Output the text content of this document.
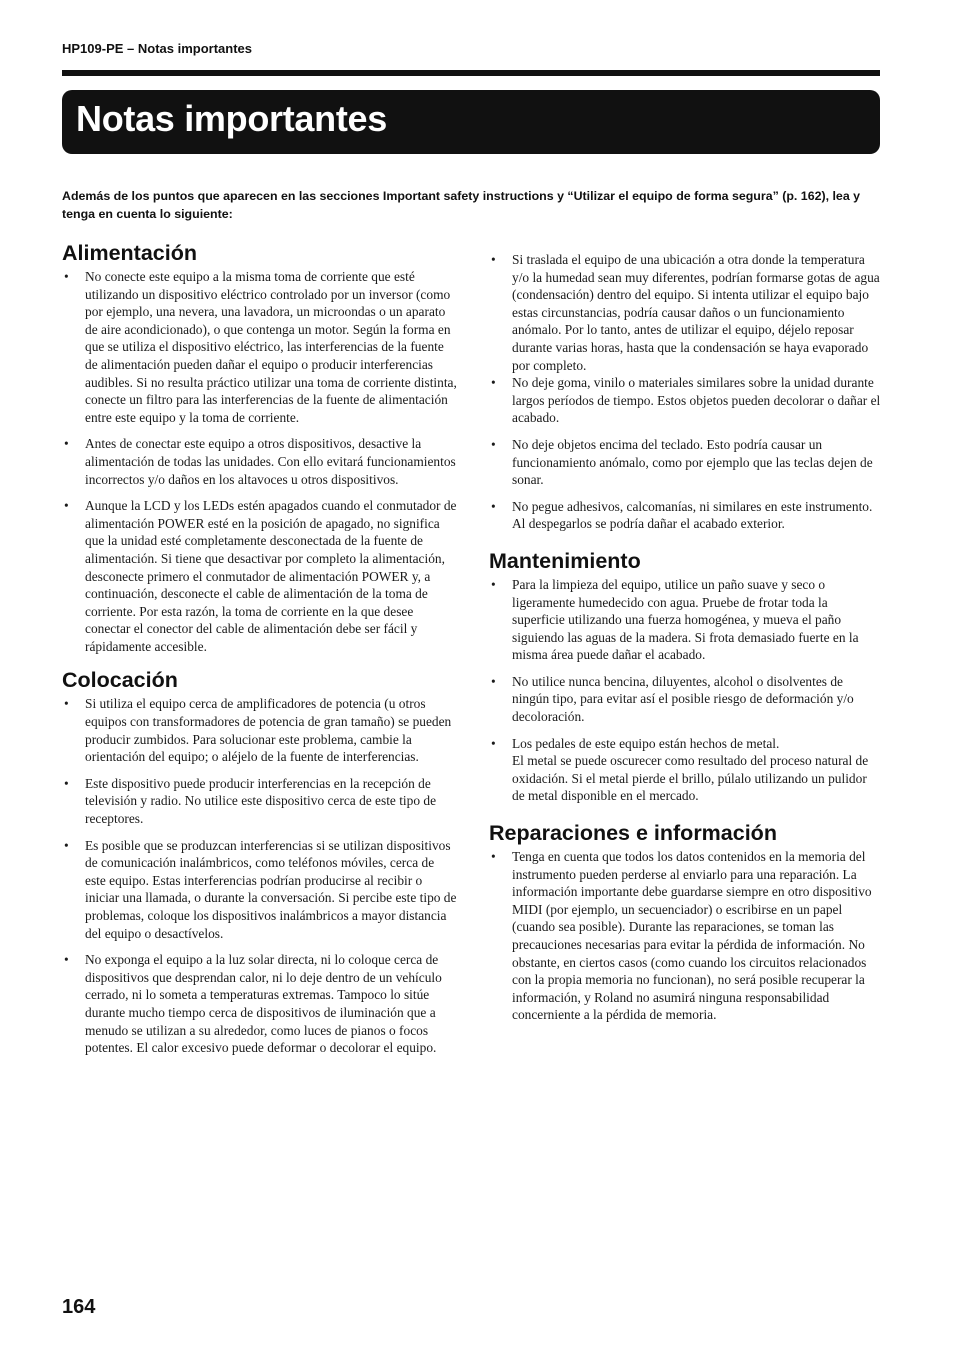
HP109-PE – Notas importantes
Notas importantes

Además de los puntos que aparecen en las secciones Important safety instructions y “Utilizar el equipo de forma segura” (p. 162), lea y tenga en cuenta lo siguiente:

Alimentación
• No conecte este equipo a la misma toma de corriente que esté utilizando un dispositivo eléctrico controlado por un inversor (como por ejemplo, una nevera, una lavadora, un microondas o un aparato de aire acondicionado), o que contenga un motor. Según la forma en que se utiliza el dispositivo eléctrico, las interferencias de la fuente de alimentación pueden dañar el equipo o producir interferencias audibles. Si no resulta práctico utilizar una toma de corriente distinta, conecte un filtro para las interferencias de la fuente de alimentación entre este equipo y la toma de corriente.
• Antes de conectar este equipo a otros dispositivos, desactive la alimentación de todas las unidades. Con ello evitará funcionamientos incorrectos y/o daños en los altavoces u otros dispositivos.
• Aunque la LCD y los LEDs estén apagados cuando el conmutador de alimentación POWER esté en la posición de apagado, no significa que la unidad esté completamente desconectada de la fuente de alimentación. Si tiene que desactivar por completo la alimentación, desconecte primero el conmutador de alimentación POWER y, a continuación, desconecte el cable de alimentación de la toma de corriente. Por esta razón, la toma de corriente en la que desee conectar el conector del cable de alimentación debe ser fácil y rápidamente accesible.
Colocación
• Si utiliza el equipo cerca de amplificadores de potencia (u otros equipos con transformadores de potencia de gran tamaño) se pueden producir zumbidos. Para solucionar este problema, cambie la orientación del equipo; o aléjelo de la fuente de interferencias.
• Este dispositivo puede producir interferencias en la recepción de televisión y radio. No utilice este dispositivo cerca de este tipo de receptores.
• Es posible que se produzcan interferencias si se utilizan dispositivos de comunicación inalámbricos, como teléfonos móviles, cerca de este equipo. Estas interferencias podrían producirse al recibir o iniciar una llamada, o durante la conversación. Si percibe este tipo de problemas, coloque los dispositivos inalámbricos a mayor distancia del equipo o desactívelos.
• No exponga el equipo a la luz solar directa, ni lo coloque cerca de dispositivos que desprendan calor, ni lo deje dentro de un vehículo cerrado, ni lo someta a temperaturas extremas. Tampoco lo sitúe durante mucho tiempo cerca de dispositivos de iluminación que a menudo se utilizan a su alrededor, como luces de pianos o focos potentes. El calor excesivo puede deformar o decolorar el equipo.
• Si traslada el equipo de una ubicación a otra donde la temperatura y/o la humedad sean muy diferentes, podrían formarse gotas de agua (condensación) dentro del equipo. Si intenta utilizar el equipo bajo estas circunstancias, podría causar daños o un funcionamiento anómalo. Por lo tanto, antes de utilizar el equipo, déjelo reposar durante varias horas, hasta que la condensación se haya evaporado por completo.
• No deje goma, vinilo o materiales similares sobre la unidad durante largos períodos de tiempo. Estos objetos pueden decolorar o dañar el acabado.
• No deje objetos encima del teclado. Esto podría causar un funcionamiento anómalo, como por ejemplo que las teclas dejen de sonar.
• No pegue adhesivos, calcomanías, ni similares en este instrumento. Al despegarlos se podría dañar el acabado exterior.
Mantenimiento
• Para la limpieza del equipo, utilice un paño suave y seco o ligeramente humedecido con agua. Pruebe de frotar toda la superficie utilizando una fuerza homogénea, y mueva el paño siguiendo las aguas de la madera. Si frota demasiado fuerte en la misma área puede dañar el acabado.
• No utilice nunca bencina, diluyentes, alcohol o disolventes de ningún tipo, para evitar así el posible riesgo de deformación y/o decoloración.
• Los pedales de este equipo están hechos de metal.
El metal se puede oscurecer como resultado del proceso natural de oxidación. Si el metal pierde el brillo, púlalo utilizando un pulidor de metal disponible en el mercado.
Reparaciones e información
• Tenga en cuenta que todos los datos contenidos en la memoria del instrumento pueden perderse al enviarlo para una reparación. La información importante debe guardarse siempre en otro dispositivo MIDI (por ejemplo, un secuenciador) o escribirse en un papel (cuando sea posible). Durante las reparaciones, se toman las precauciones necesarias para evitar la pérdida de información. No obstante, en ciertos casos (como cuando los circuitos relacionados con la propia memoria no funcionan), no será posible recuperar la información, y Roland no asumirá ninguna responsabilidad concerniente a la pérdida de memoria.
164
